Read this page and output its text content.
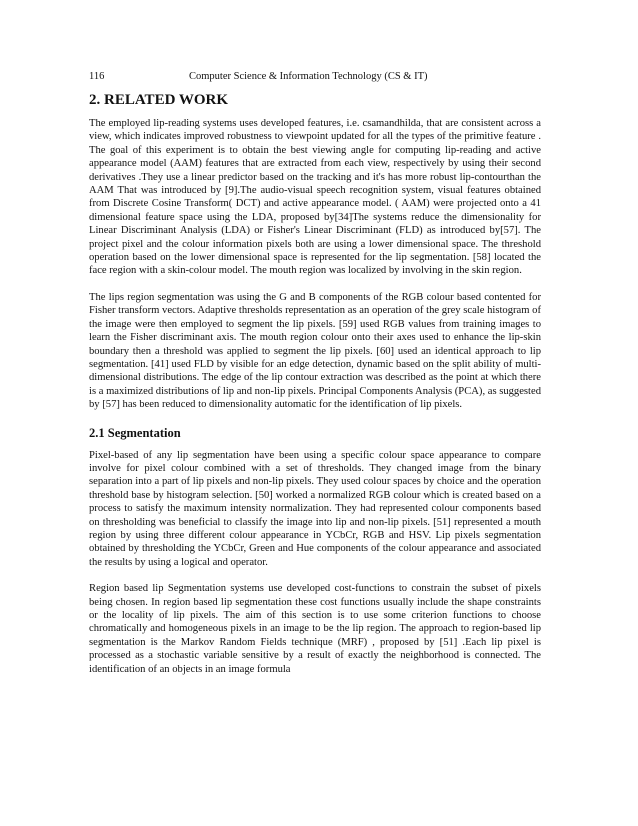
116	Computer Science & Information Technology (CS & IT)
2. RELATED WORK

The employed lip-reading systems uses developed features, i.e. csamandhilda, that are consistent across a view, which indicates improved robustness to viewpoint updated for all the types of the primitive feature . The goal of this experiment is to obtain the best viewing angle for computing lip-reading and active appearance model (AAM) features that are extracted from each view, respectively by using their second derivatives .They use a linear predictor based on the tracking and it's has more robust lip-contourthan the AAM That was introduced by [9].The audio-visual speech recognition system, visual features obtained from Discrete Cosine Transform( DCT) and active appearance model. ( AAM) were projected onto a 41 dimensional feature space using the LDA, proposed by[34]The systems reduce the dimensionality for Linear Discriminant Analysis (LDA) or Fisher's Linear Discriminant (FLD) as introduced by[57]. The project pixel and the colour information pixels both are using a lower dimensional space. The threshold operation based on the lower dimensional space is represented for the lip segmentation. [58] located the face region with a skin-colour model. The mouth region was localized by involving in the skin region.

The lips region segmentation was using the G and B components of the RGB colour based contented for Fisher transform vectors. Adaptive thresholds representation as an operation of the grey scale histogram of the image were then employed to segment the lip pixels. [59] used RGB values from training images to learn the Fisher discriminant axis. The mouth region colour onto their axes used to enhance the lip-skin boundary then a threshold was applied to segment the lip pixels. [60] used an identical approach to lip segmentation. [41] used FLD by visible for an edge detection, dynamic based on the split ability of multi-dimensional distributions. The edge of the lip contour extraction was described as the point at which there is a maximized distributions of lip and non-lip pixels. Principal Components Analysis (PCA), as suggested by [57] has been reduced to dimensionality automatic for the identification of lip pixels.

2.1 Segmentation

Pixel-based of any lip segmentation have been using a specific colour space appearance to compare involve for pixel colour combined with a set of thresholds. They changed image from the binary separation into a part of lip pixels and non-lip pixels. They used colour spaces by choice and the operation threshold base by histogram selection. [50] worked a normalized RGB colour which is created based on a process to satisfy the maximum intensity normalization. They had represented colour components based on thresholding was beneficial to classify the image into lip and non-lip pixels. [51] represented a mouth region by using three different colour appearance in YCbCr, RGB and HSV. Lip pixels segmentation obtained by thresholding the YCbCr, Green and Hue components of the colour appearance and associated the results by using a logical and operator.

Region based lip Segmentation systems use developed cost-functions to constrain the subset of pixels being chosen. In region based lip segmentation these cost functions usually include the shape constraints or the locality of lip pixels. The aim of this section is to use some criterion functions to choose chromatically and homogeneous pixels in an image to be the lip region. The approach to region-based lip segmentation is the Markov Random Fields technique (MRF) , proposed by [51] .Each lip pixel is processed as a stochastic variable sensitive by a result of exactly the neighborhood is connected. The identification of an objects in an image formula
